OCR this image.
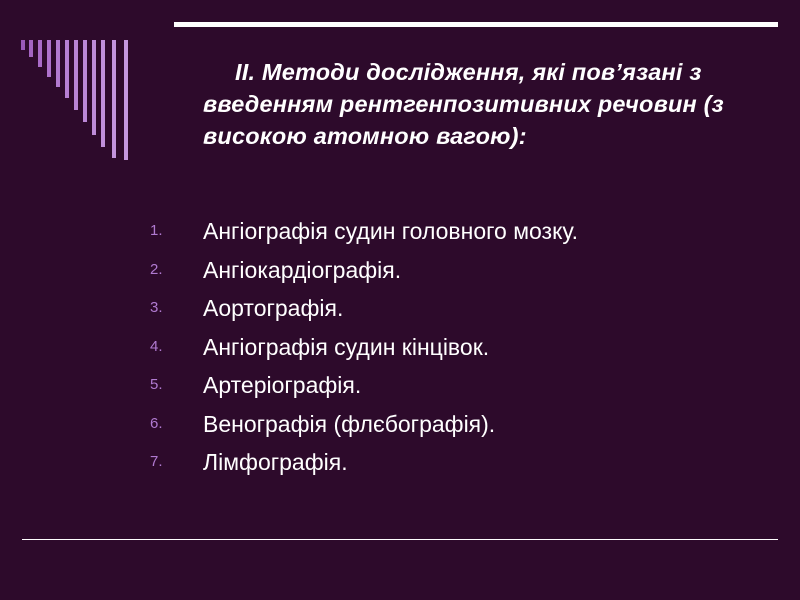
II. Методи дослідження, які пов’язані з введенням рентгенпозитивних речовин (з високою атомною вагою):

1.	Ангіографія судин головного мозку.
2.	Ангіокардіографія.
3.	Аортографія.
4.	Ангіографія судин кінцівок.
5.	Артеріографія.
6.	Венографія (флєбографія).
7.	Лімфографія.
